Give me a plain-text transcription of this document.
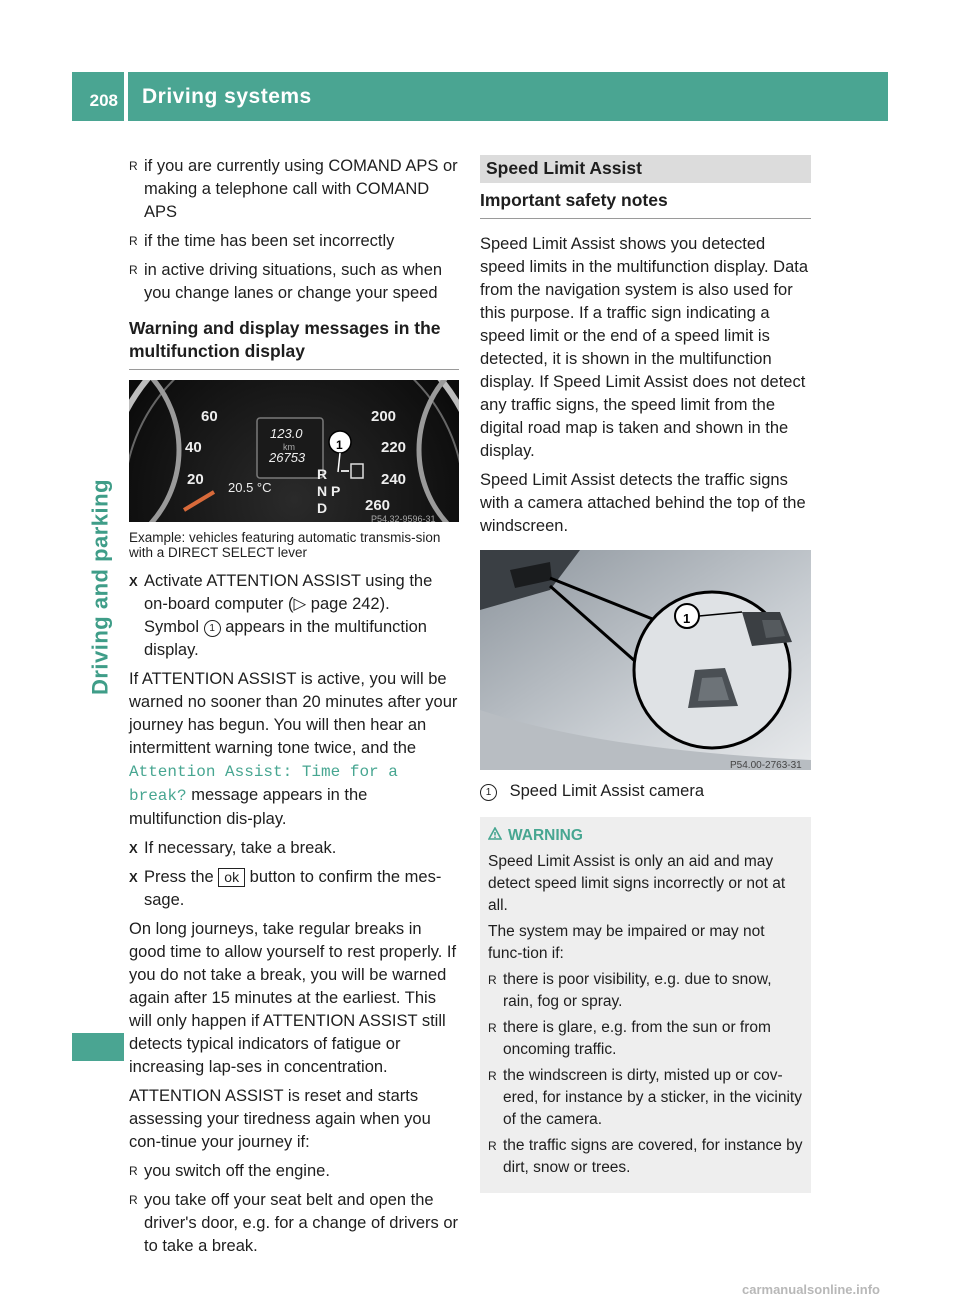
208 Driving systems
Driving and parking
R if you are currently using COMAND APS or making a telephone call with COMAND APS
R if the time has been set incorrectly
R in active driving situations, such as when you change lanes or change your speed
Warning and display messages in the multifunction display
60
40
20
200
220
240
260
123.0
km
26753
20.5 °C
R
N P
D
1
P54.32-9596-31
Example: vehicles featuring automatic transmis-sion with a DIRECT SELECT lever
X Activate ATTENTION ASSIST using the on-board computer (▷ page 242).
Symbol 1 appears in the multifunction display.
If ATTENTION ASSIST is active, you will be warned no sooner than 20 minutes after your journey has begun. You will then hear an intermittent warning tone twice, and the Attention Assist: Time for a break? message appears in the multifunction dis-play.
X If necessary, take a break.
X Press the ok button to confirm the mes-sage.
On long journeys, take regular breaks in good time to allow yourself to rest properly. If you do not take a break, you will be warned again after 15 minutes at the earliest. This will only happen if ATTENTION ASSIST still detects typical indicators of fatigue or increasing lap-ses in concentration.
ATTENTION ASSIST is reset and starts assessing your tiredness again when you con-tinue your journey if:
R you switch off the engine.
R you take off your seat belt and open the driver's door, e.g. for a change of drivers or to take a break.
Speed Limit Assist
Important safety notes
Speed Limit Assist shows you detected speed limits in the multifunction display. Data from the navigation system is also used for this purpose. If a traffic sign indicating a speed limit or the end of a speed limit is detected, it is shown in the multifunction display. If Speed Limit Assist does not detect any traffic signs, the speed limit from the digital road map is taken and shown in the display.
Speed Limit Assist detects the traffic signs with a camera attached behind the top of the windscreen.
1
P54.00-2763-31
1 Speed Limit Assist camera
WARNING
Speed Limit Assist is only an aid and may detect speed limit signs incorrectly or not at all.
The system may be impaired or may not func-tion if:
R there is poor visibility, e.g. due to snow, rain, fog or spray.
R there is glare, e.g. from the sun or from oncoming traffic.
R the windscreen is dirty, misted up or cov-ered, for instance by a sticker, in the vicinity of the camera.
R the traffic signs are covered, for instance by dirt, snow or trees.
carmanualsonline.info
